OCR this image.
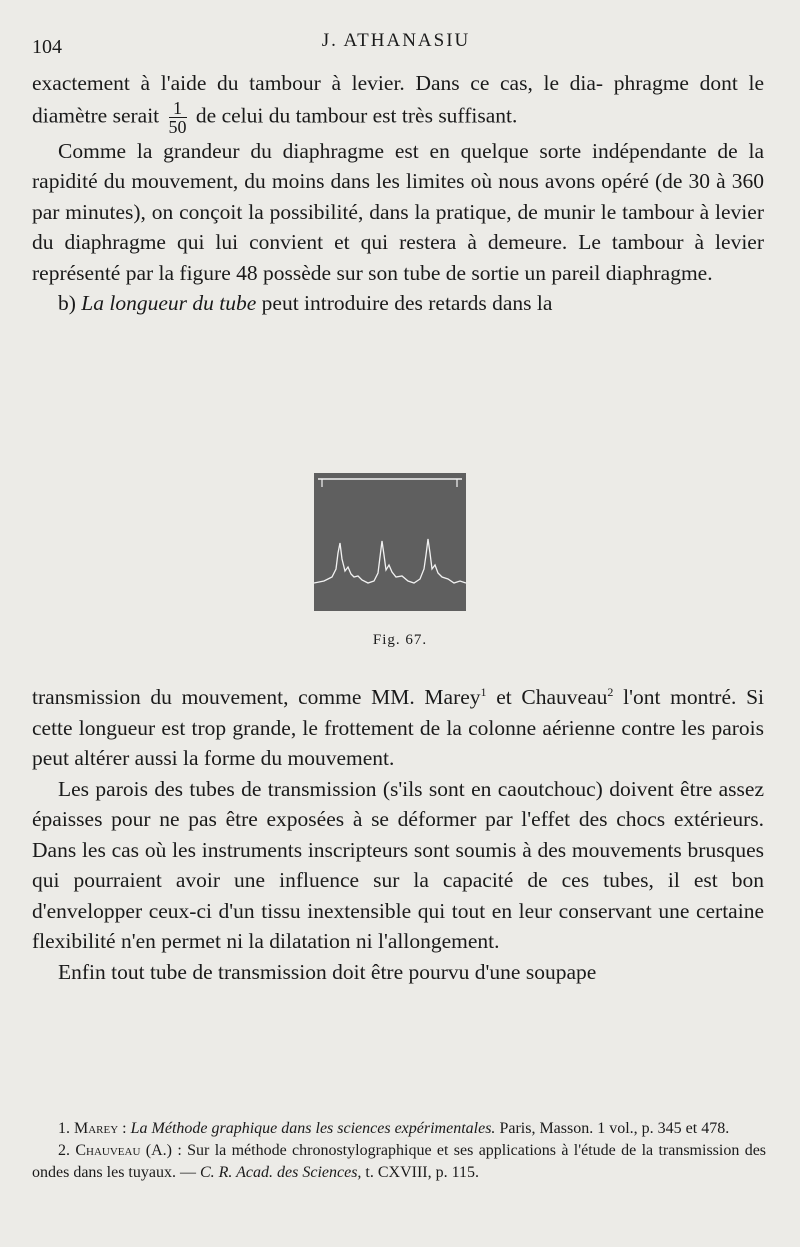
104	J. ATHANASIU

exactement à l'aide du tambour à levier. Dans ce cas, le dia- phragme dont le diamètre serait $\frac{1}{50}$ de celui du tambour est très suffisant.

Comme la grandeur du diaphragme est en quelque sorte indépendante de la rapidité du mouvement, du moins dans les limites où nous avons opéré (de 30 à 360 par minutes), on conçoit la possibilité, dans la pratique, de munir le tambour à levier du diaphragme qui lui convient et qui restera à demeure. Le tambour à levier représenté par la figure 48 possède sur son tube de sortie un pareil diaphragme.

b) La longueur du tube peut introduire des retards dans la

Fig. 67.

transmission du mouvement, comme MM. Marey$^1$ et Chauveau$^2$ l'ont montré. Si cette longueur est trop grande, le frottement de la colonne aérienne contre les parois peut altérer aussi la forme du mouvement.

Les parois des tubes de transmission (s'ils sont en caoutchouc) doivent être assez épaisses pour ne pas être exposées à se déformer par l'effet des chocs extérieurs. Dans les cas où les instruments inscripteurs sont soumis à des mouvements brusques qui pourraient avoir une influence sur la capacité de ces tubes, il est bon d'envelopper ceux-ci d'un tissu inextensible qui tout en leur conservant une certaine flexibilité n'en permet ni la dilatation ni l'allongement.

Enfin tout tube de transmission doit être pourvu d'une soupape

1. Marey : La Méthode graphique dans les sciences expérimentales. Paris, Masson. 1 vol., p. 345 et 478.

2. Chauveau (A.) : Sur la méthode chronostylographique et ses applications à l'étude de la transmission des ondes dans les tuyaux. — C. R. Acad. des Sciences, t. CXVIII, p. 115.
